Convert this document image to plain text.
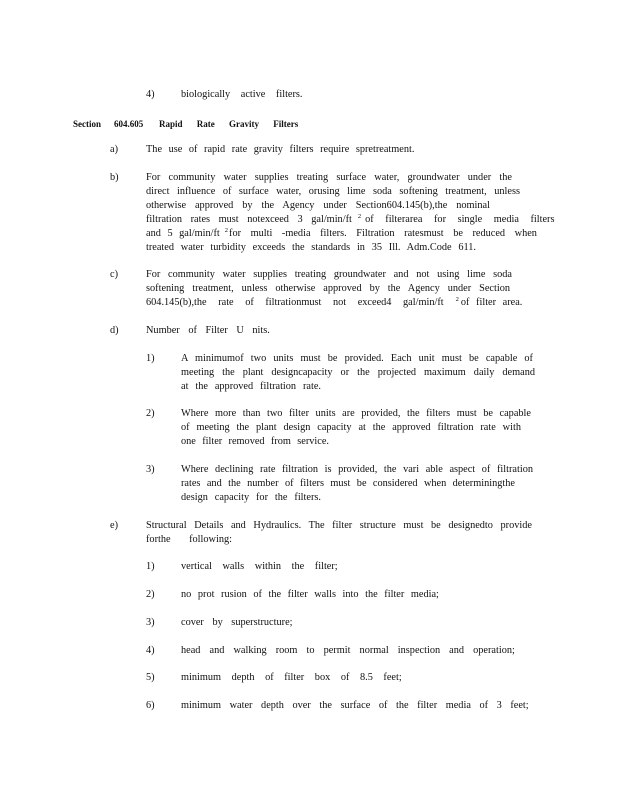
4)	biologically active filters.
Section 604.605 Rapid Rate Gravity Filters
a)	The use of rapid rate gravity filters require spretreatment.
b)	For community water supplies treating surface water, groundwater under the
direct influence of surface water, orusing lime soda softening treatment, unless
otherwise approved by the Agency under Section604.145(b),the nominal
filtration rates must notexceed 3 gal/min/ft $^2$ of filterarea for single media filters
and 5 gal/min/ft $^2$for multi -media filters. Filtration ratesmust be reduced when
treated water turbidity exceeds the standards in 35 Ill. Adm.Code 611.
c)	For community water supplies treating groundwater and not using lime soda
softening treatment, unless otherwise approved by the Agency under Section
604.145(b),the rate of filtrationmust not exceed4 gal/min/ft $^2$ of filter area.
d)	Number of Filter U nits.
1)	A minimumof two units must be provided. Each unit must be capable of
meeting the plant designcapacity or the projected maximum daily demand
at the approved filtration rate.
2)	Where more than two filter units are provided, the filters must be capable
of meeting the plant design capacity at the approved filtration rate with
one filter removed from service.
3)	Where declining rate filtration is provided, the vari able aspect of filtration
rates and the number of filters must be considered when determiningthe
design capacity for the filters.
e)	Structural Details and Hydraulics. The filter structure must be designedto provide
forthe following:
1)	vertical walls within the filter;
2)	no prot rusion of the filter walls into the filter media;
3)	cover by superstructure;
4)	head and walking room to permit normal inspection and operation;
5)	minimum depth of filter box of 8.5 feet;
6)	minimum water depth over the surface of the filter media of 3 feet;
